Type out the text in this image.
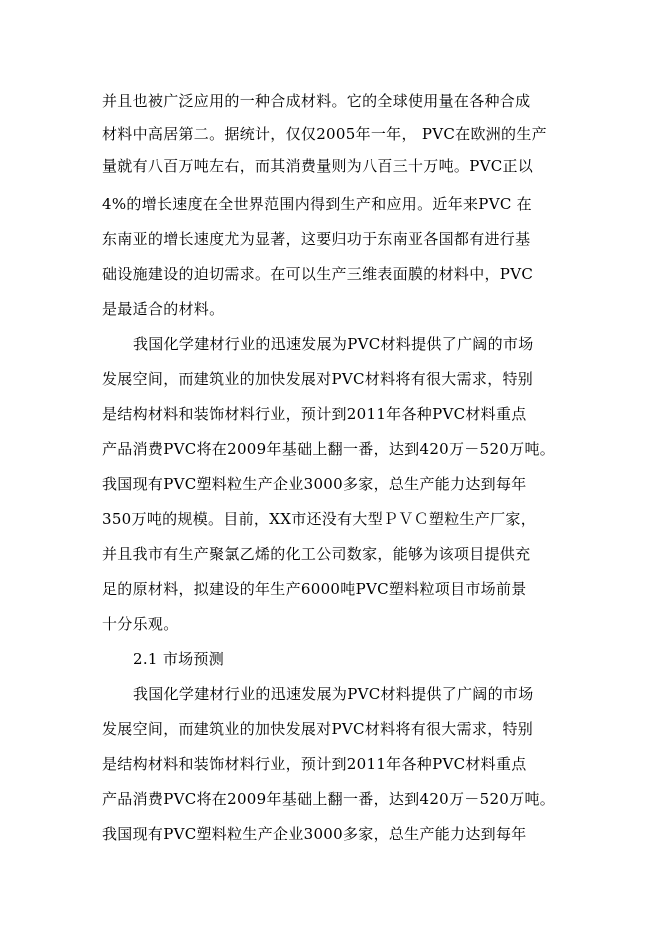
并且也被广泛应用的一种合成材料。它的全球使用量在各种合成
材料中高居第二。据统计，仅仅2005年一年， PVC在欧洲的生产
量就有八百万吨左右，而其消费量则为八百三十万吨。PVC正以
4%的增长速度在全世界范围内得到生产和应用。近年来PVC 在
东南亚的增长速度尤为显著，这要归功于东南亚各国都有进行基
础设施建设的迫切需求。在可以生产三维表面膜的材料中，PVC
是最适合的材料。
我国化学建材行业的迅速发展为PVC材料提供了广阔的市场
发展空间，而建筑业的加快发展对PVC材料将有很大需求，特别
是结构材料和装饰材料行业，预计到2011年各种PVC材料重点
产品消费PVC将在2009年基础上翻一番，达到420万－520万吨。
我国现有PVC塑料粒生产企业3000多家，总生产能力达到每年
350万吨的规模。目前，XX市还没有大型ＰＶＣ塑粒生产厂家，
并且我市有生产聚氯乙烯的化工公司数家，能够为该项目提供充
足的原材料，拟建设的年生产6000吨PVC塑料粒项目市场前景
十分乐观。
2.1 市场预测
我国化学建材行业的迅速发展为PVC材料提供了广阔的市场
发展空间，而建筑业的加快发展对PVC材料将有很大需求，特别
是结构材料和装饰材料行业，预计到2011年各种PVC材料重点
产品消费PVC将在2009年基础上翻一番，达到420万－520万吨。
我国现有PVC塑料粒生产企业3000多家，总生产能力达到每年
